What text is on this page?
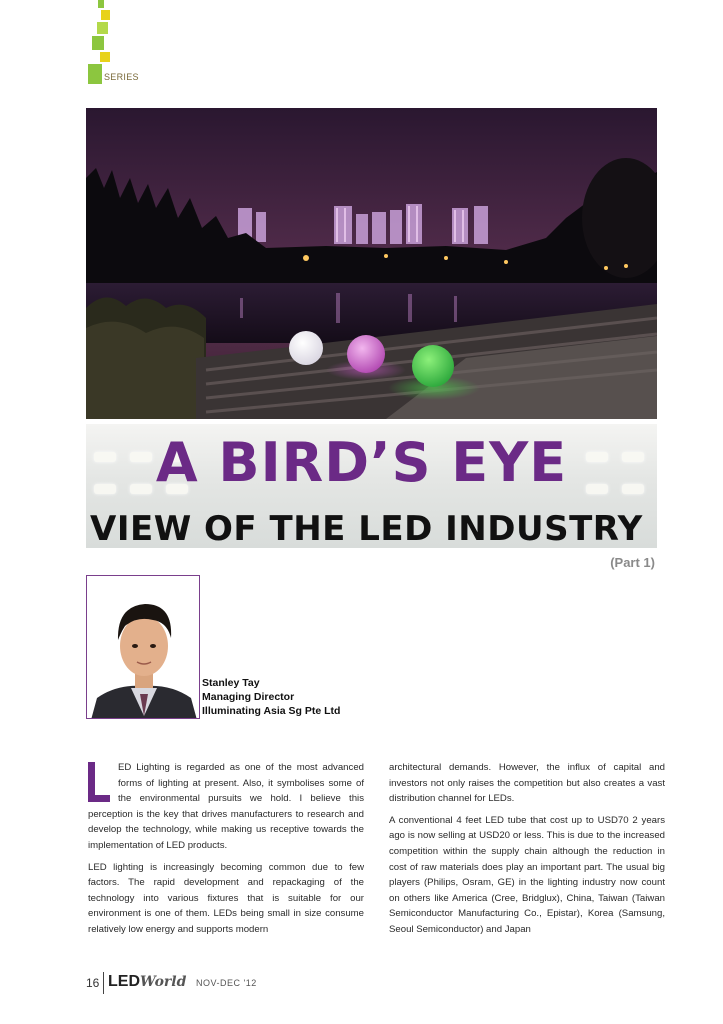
SERIES
A BIRD’S EYE
VIEW OF THE LED INDUSTRY
(Part 1)
Stanley Tay
Managing Director
Illuminating Asia Sg Pte Ltd

ED Lighting is regarded as one of the most advanced forms of lighting at present. Also, it symbolises some of the environmental pursuits we hold. I believe this perception is the key that drives manufacturers to research and develop the technology, while making us receptive towards the implementation of LED products.

LED lighting is increasingly becoming common due to few factors. The rapid development and repackaging of the technology into various fixtures that is suitable for our environment is one of them. LEDs being small in size consume relatively low energy and supports modern

architectural demands. However, the influx of capital and investors not only raises the competition but also creates a vast distribution channel for LEDs.

A conventional 4 feet LED tube that cost up to USD70 2 years ago is now selling at USD20 or less. This is due to the increased competition within the supply chain although the reduction in cost of raw materials does play an important part. The usual big players (Philips, Osram, GE) in the lighting industry now count on others like America (Cree, Bridglux), China, Taiwan (Taiwan Semiconductor Manufacturing Co., Epistar), Korea (Samsung, Seoul Semiconductor) and Japan

16 LEDWorld NOV-DEC '12
